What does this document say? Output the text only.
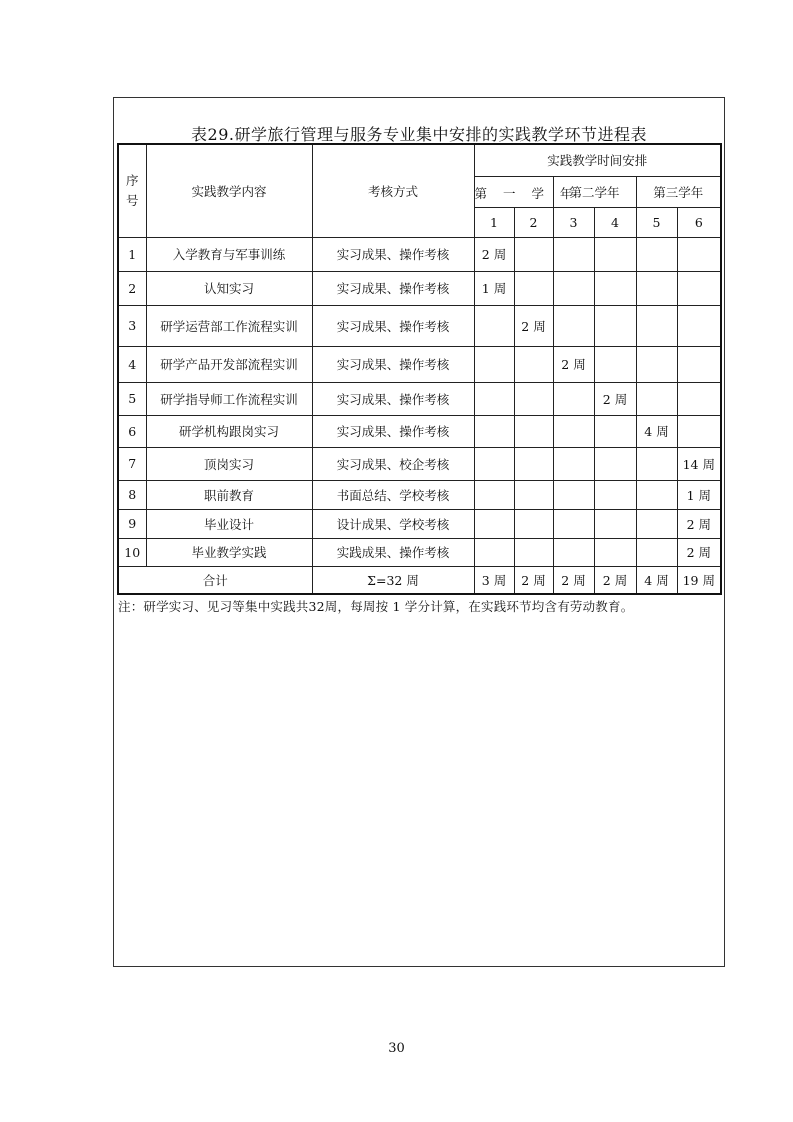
表29.研学旅行管理与服务专业集中安排的实践教学环节进程表
序
号	实践教学内容	考核方式	实践教学时间安排					

			第 一 学 年		第二学年		第三学年	
			1	2	3	4	5	6
1	入学教育与军事训练	实习成果、操作考核	2 周					
2	认知实习	实习成果、操作考核	1 周					
3	研学运营部工作流程实训	实习成果、操作考核		2 周				
4	研学产品开发部流程实训	实习成果、操作考核			2 周			
5	研学指导师工作流程实训	实习成果、操作考核				2 周		
6	研学机构跟岗实习	实习成果、操作考核					4 周	
7	顶岗实习	实习成果、校企考核						14 周
8	职前教育	书面总结、学校考核						1 周
9	毕业设计	设计成果、学校考核						2 周
10	毕业教学实践	实践成果、操作考核						2 周
合计		Σ=32 周	3 周	2 周	2 周	2 周	4 周	19 周
注：研学实习、见习等集中实践共32周，每周按 1 学分计算，在实践环节均含有劳动教育。
30
